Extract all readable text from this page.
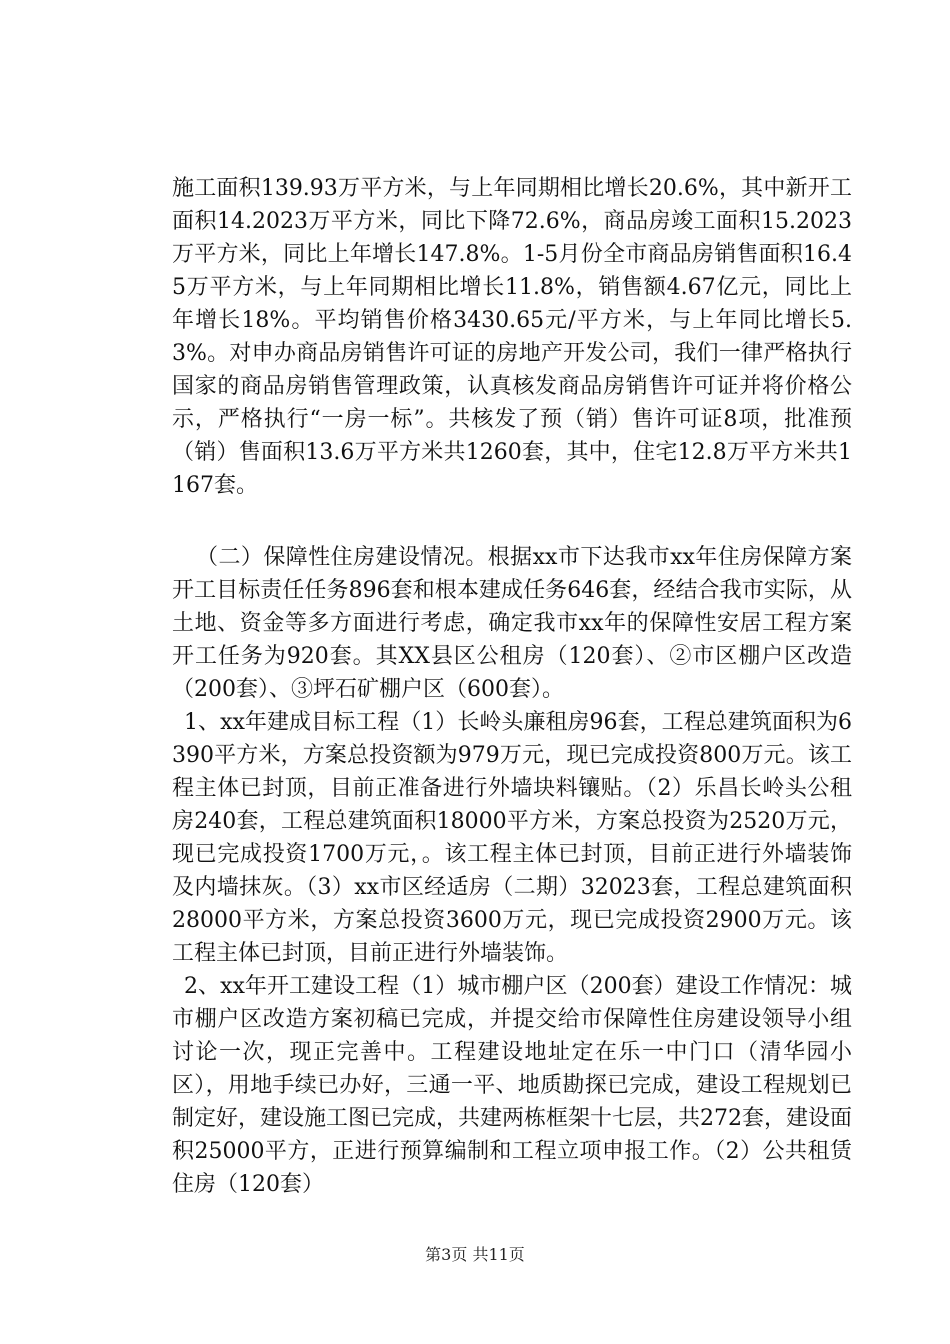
施工面积139.93万平方米，与上年同期相比增长20.6%，其中新开工面积14.2023万平方米，同比下降72.6%，商品房竣工面积15.2023万平方米，同比上年增长147.8%。1-5月份全市商品房销售面积16.45万平方米，与上年同期相比增长11.8%，销售额4.67亿元，同比上年增长18%。平均销售价格3430.65元/平方米，与上年同比增长5.3%。对申办商品房销售许可证的房地产开发公司，我们一律严格执行国家的商品房销售管理政策，认真核发商品房销售许可证并将价格公示，严格执行“一房一标”。共核发了预（销）售许可证8项，批准预（销）售面积13.6万平方米共1260套，其中，住宅12.8万平方米共1167套。

（二）保障性住房建设情况。根据xx市下达我市xx年住房保障方案开工目标责任任务896套和根本建成任务646套，经结合我市实际，从土地、资金等多方面进行考虑，确定我市xx年的保障性安居工程方案开工任务为920套。其XX县区公租房（120套）、②市区棚户区改造（200套）、③坪石矿棚户区（600套）。

1、xx年建成目标工程（1）长岭头廉租房96套，工程总建筑面积为6390平方米，方案总投资额为979万元，现已完成投资800万元。该工程主体已封顶，目前正准备进行外墙块料镶贴。（2）乐昌长岭头公租房240套，工程总建筑面积18000平方米，方案总投资为2520万元，现已完成投资1700万元，。该工程主体已封顶，目前正进行外墙装饰及内墙抹灰。（3）xx市区经适房（二期）32023套，工程总建筑面积28000平方米，方案总投资3600万元，现已完成投资2900万元。该工程主体已封顶，目前正进行外墙装饰。

2、xx年开工建设工程（1）城市棚户区（200套）建设工作情况：城市棚户区改造方案初稿已完成，并提交给市保障性住房建设领导小组讨论一次，现正完善中。工程建设地址定在乐一中门口（清华园小区），用地手续已办好，三通一平、地质勘探已完成，建设工程规划已制定好，建设施工图已完成，共建两栋框架十七层，共272套，建设面积25000平方，正进行预算编制和工程立项申报工作。（2）公共租赁住房（120套）

第3页 共11页
